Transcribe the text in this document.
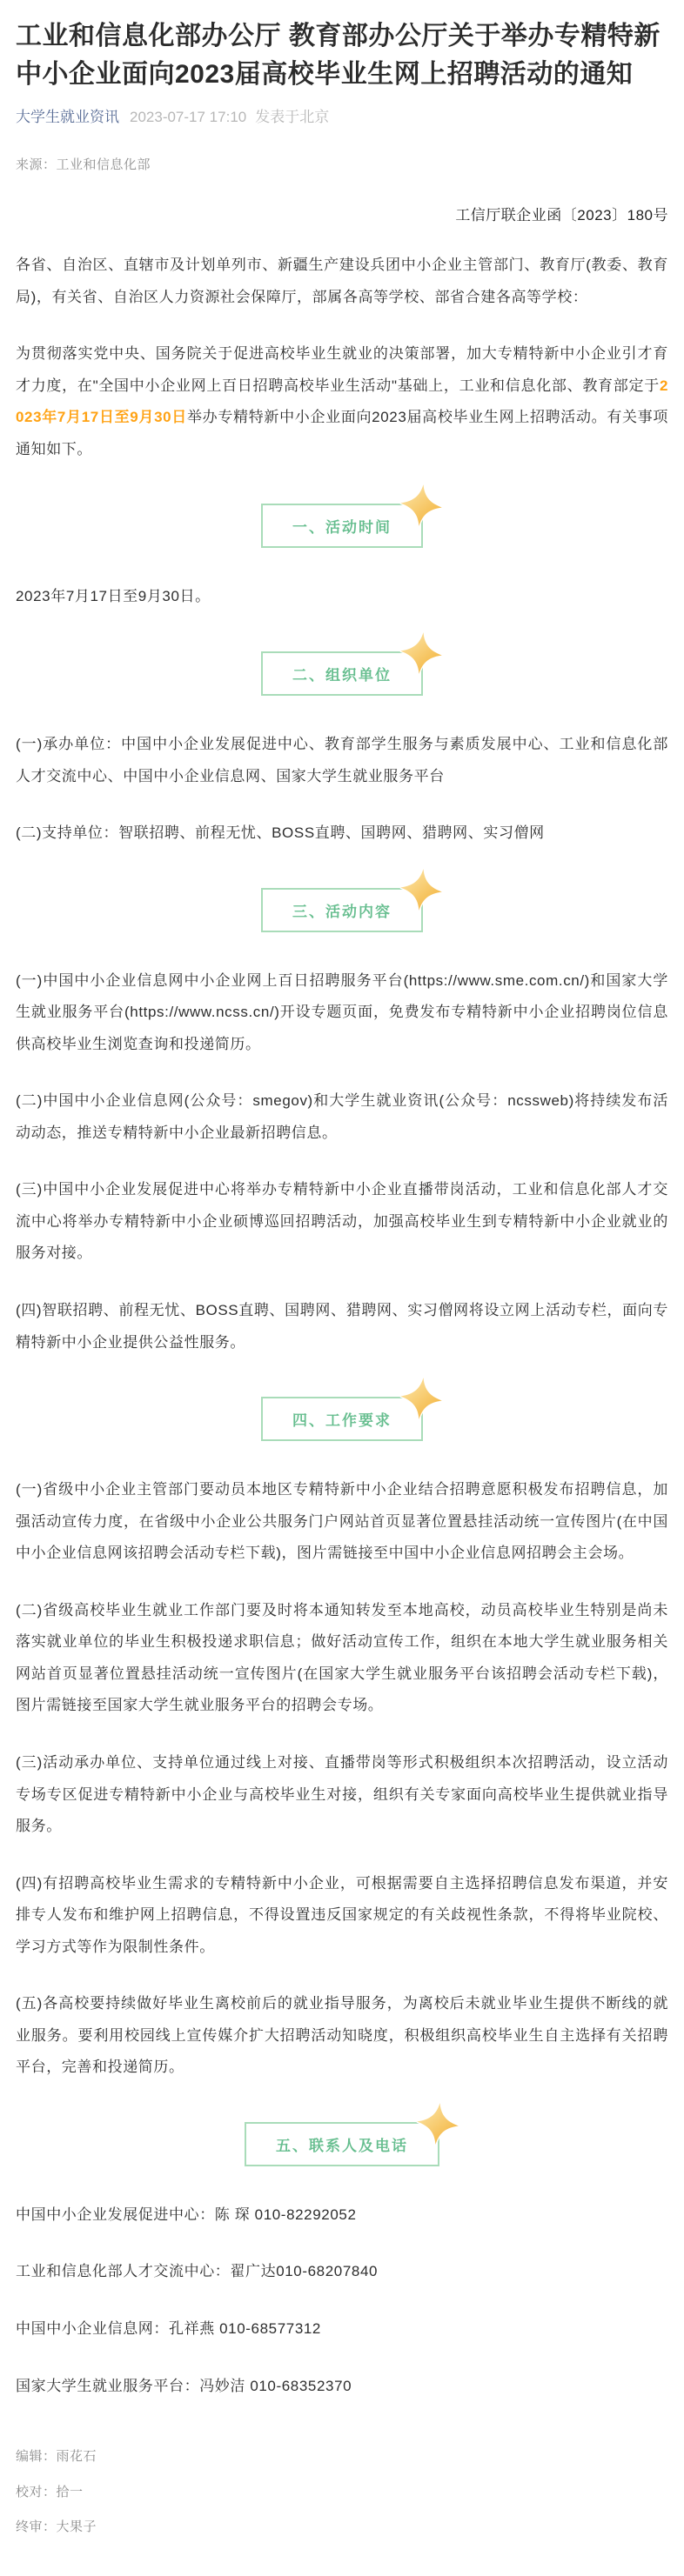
工业和信息化部办公厅 教育部办公厅关于举办专精特新中小企业面向2023届高校毕业生网上招聘活动的通知
大学生就业资讯 2023-07-17 17:10 发表于北京
来源：工业和信息化部
工信厅联企业函〔2023〕180号

各省、自治区、直辖市及计划单列市、新疆生产建设兵团中小企业主管部门、教育厅(教委、教育局)，有关省、自治区人力资源社会保障厅，部属各高等学校、部省合建各高等学校：

为贯彻落实党中央、国务院关于促进高校毕业生就业的决策部署，加大专精特新中小企业引才育才力度，在"全国中小企业网上百日招聘高校毕业生活动"基础上，工业和信息化部、教育部定于2023年7月17日至9月30日举办专精特新中小企业面向2023届高校毕业生网上招聘活动。有关事项通知如下。

一、活动时间

2023年7月17日至9月30日。

二、组织单位

(一)承办单位：中国中小企业发展促进中心、教育部学生服务与素质发展中心、工业和信息化部人才交流中心、中国中小企业信息网、国家大学生就业服务平台

(二)支持单位：智联招聘、前程无忧、BOSS直聘、国聘网、猎聘网、实习僧网

三、活动内容

(一)中国中小企业信息网中小企业网上百日招聘服务平台(https://www.sme.com.cn/)和国家大学生就业服务平台(https://www.ncss.cn/)开设专题页面，免费发布专精特新中小企业招聘岗位信息供高校毕业生浏览查询和投递简历。

(二)中国中小企业信息网(公众号：smegov)和大学生就业资讯(公众号：ncssweb)将持续发布活动动态，推送专精特新中小企业最新招聘信息。

(三)中国中小企业发展促进中心将举办专精特新中小企业直播带岗活动，工业和信息化部人才交流中心将举办专精特新中小企业硕博巡回招聘活动，加强高校毕业生到专精特新中小企业就业的服务对接。

(四)智联招聘、前程无忧、BOSS直聘、国聘网、猎聘网、实习僧网将设立网上活动专栏，面向专精特新中小企业提供公益性服务。

四、工作要求

(一)省级中小企业主管部门要动员本地区专精特新中小企业结合招聘意愿积极发布招聘信息，加强活动宣传力度，在省级中小企业公共服务门户网站首页显著位置悬挂活动统一宣传图片(在中国中小企业信息网该招聘会活动专栏下载)，图片需链接至中国中小企业信息网招聘会主会场。

(二)省级高校毕业生就业工作部门要及时将本通知转发至本地高校，动员高校毕业生特别是尚未落实就业单位的毕业生积极投递求职信息；做好活动宣传工作，组织在本地大学生就业服务相关网站首页显著位置悬挂活动统一宣传图片(在国家大学生就业服务平台该招聘会活动专栏下载)，图片需链接至国家大学生就业服务平台的招聘会专场。

(三)活动承办单位、支持单位通过线上对接、直播带岗等形式积极组织本次招聘活动，设立活动专场专区促进专精特新中小企业与高校毕业生对接，组织有关专家面向高校毕业生提供就业指导服务。

(四)有招聘高校毕业生需求的专精特新中小企业，可根据需要自主选择招聘信息发布渠道，并安排专人发布和维护网上招聘信息，不得设置违反国家规定的有关歧视性条款，不得将毕业院校、学习方式等作为限制性条件。

(五)各高校要持续做好毕业生离校前后的就业指导服务，为离校后未就业毕业生提供不断线的就业服务。要利用校园线上宣传媒介扩大招聘活动知晓度，积极组织高校毕业生自主选择有关招聘平台，完善和投递简历。

五、联系人及电话

中国中小企业发展促进中心：陈 琛 010-82292052

工业和信息化部人才交流中心：翟广达010-68207840

中国中小企业信息网：孔祥燕 010-68577312

国家大学生就业服务平台：冯妙洁 010-68352370

编辑：雨花石
校对：拾一
终审：大果子
